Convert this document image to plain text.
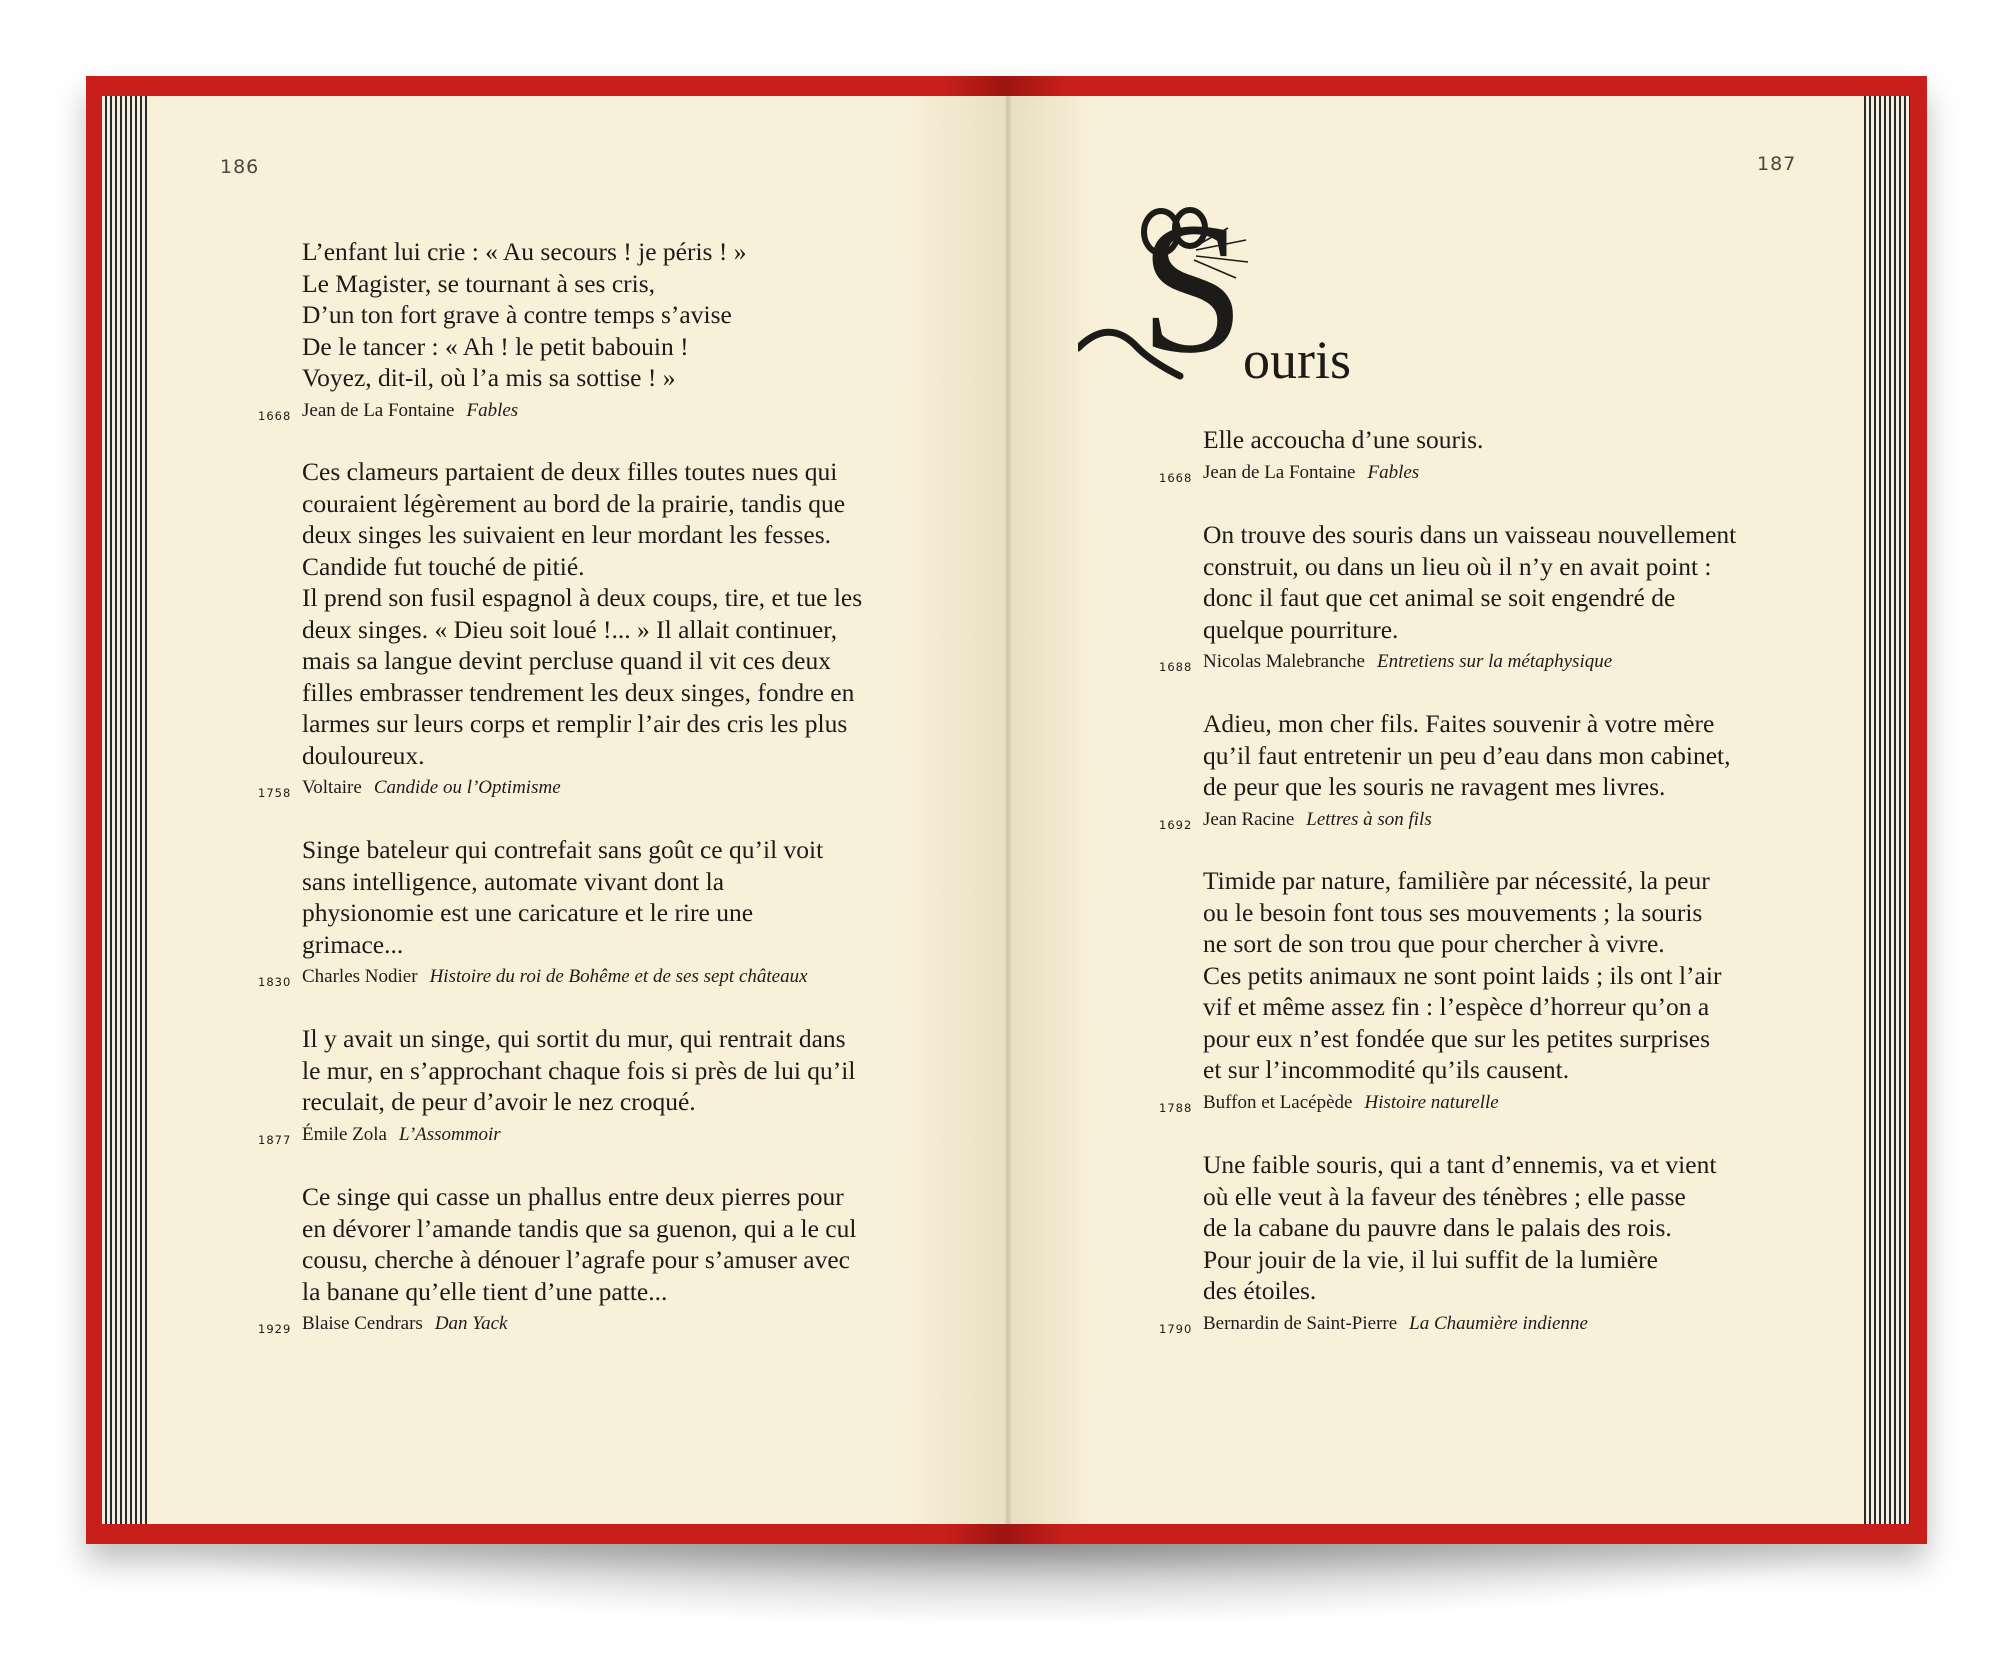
186	187
S
ouris

L’enfant lui crie : « Au secours ! je péris ! »

Le Magister, se tournant à ses cris,

D’un ton fort grave à contre temps s’avise

De le tancer : « Ah ! le petit babouin !

Voyez, dit-il, où l’a mis sa sottise ! »

1668 Jean de La Fontaine Fables

Ces clameurs partaient de deux filles toutes nues qui

couraient légèrement au bord de la prairie, tandis que

deux singes les suivaient en leur mordant les fesses.

Candide fut touché de pitié.

Il prend son fusil espagnol à deux coups, tire, et tue les

deux singes. « Dieu soit loué !... » Il allait continuer,

mais sa langue devint percluse quand il vit ces deux

filles embrasser tendrement les deux singes, fondre en

larmes sur leurs corps et remplir l’air des cris les plus

douloureux.

1758 Voltaire Candide ou l’Optimisme

Singe bateleur qui contrefait sans goût ce qu’il voit

sans intelligence, automate vivant dont la

physionomie est une caricature et le rire une

grimace...

1830 Charles Nodier Histoire du roi de Bohême et de ses sept châteaux

Il y avait un singe, qui sortit du mur, qui rentrait dans

le mur, en s’approchant chaque fois si près de lui qu’il

reculait, de peur d’avoir le nez croqué.

1877 Émile Zola L’Assommoir

Ce singe qui casse un phallus entre deux pierres pour

en dévorer l’amande tandis que sa guenon, qui a le cul

cousu, cherche à dénouer l’agrafe pour s’amuser avec

la banane qu’elle tient d’une patte...

1929 Blaise Cendrars Dan Yack

Elle accoucha d’une souris.

1668 Jean de La Fontaine Fables

On trouve des souris dans un vaisseau nouvellement

construit, ou dans un lieu où il n’y en avait point :

donc il faut que cet animal se soit engendré de

quelque pourriture.

1688 Nicolas Malebranche Entretiens sur la métaphysique

Adieu, mon cher fils. Faites souvenir à votre mère

qu’il faut entretenir un peu d’eau dans mon cabinet,

de peur que les souris ne ravagent mes livres.

1692 Jean Racine Lettres à son fils

Timide par nature, familière par nécessité, la peur

ou le besoin font tous ses mouvements ; la souris

ne sort de son trou que pour chercher à vivre.

Ces petits animaux ne sont point laids ; ils ont l’air

vif et même assez fin : l’espèce d’horreur qu’on a

pour eux n’est fondée que sur les petites surprises

et sur l’incommodité qu’ils causent.

1788 Buffon et Lacépède Histoire naturelle

Une faible souris, qui a tant d’ennemis, va et vient

où elle veut à la faveur des ténèbres ; elle passe

de la cabane du pauvre dans le palais des rois.

Pour jouir de la vie, il lui suffit de la lumière

des étoiles.

1790 Bernardin de Saint-Pierre La Chaumière indienne
